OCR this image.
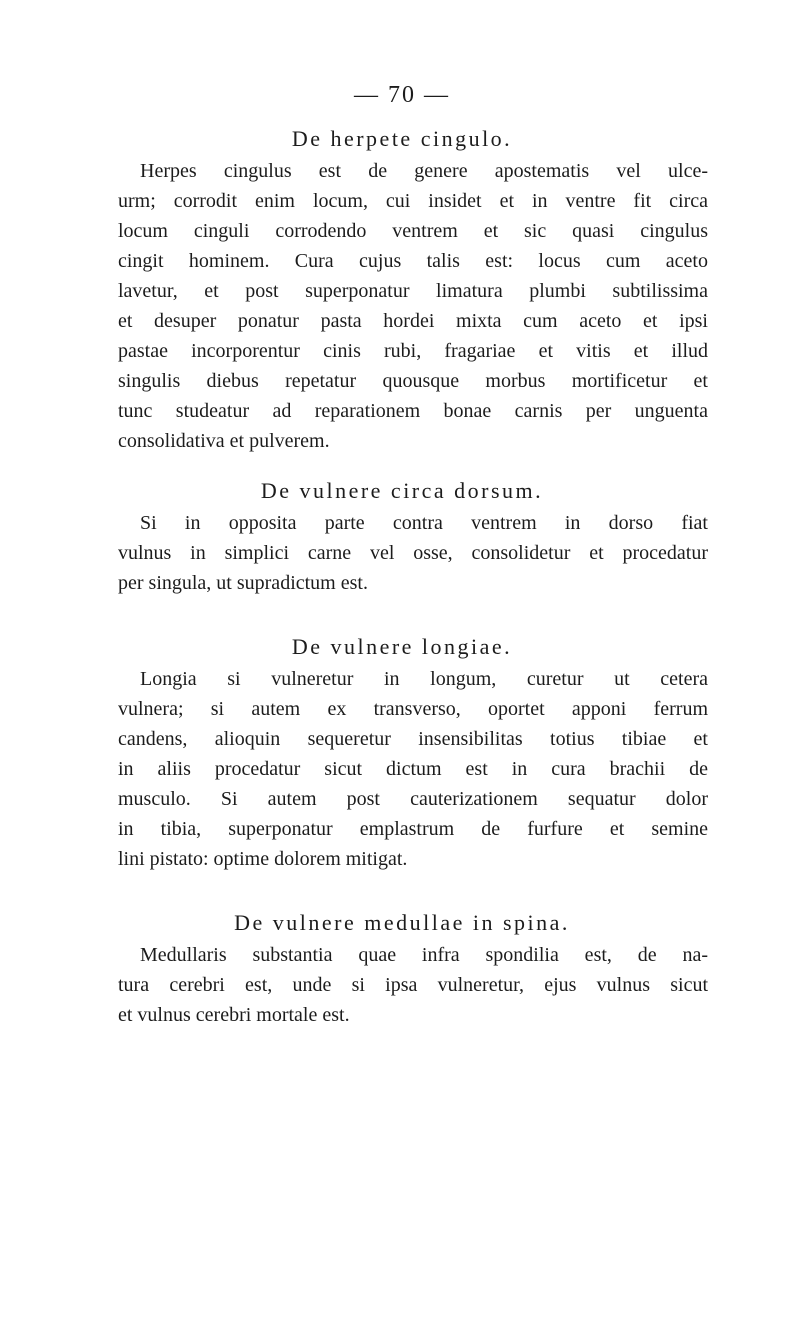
— 70 —
De herpete cingulo.
Herpes cingulus est de genere apostematis vel ulce-
urm; corrodit enim locum, cui insidet et in ventre fit circa
locum cinguli corrodendo ventrem et sic quasi cingulus
cingit hominem. Cura cujus talis est: locus cum aceto
lavetur, et post superponatur limatura plumbi subtilissima
et desuper ponatur pasta hordei mixta cum aceto et ipsi
pastae incorporentur cinis rubi, fragariae et vitis et illud
singulis diebus repetatur quousque morbus mortificetur et
tunc studeatur ad reparationem bonae carnis per unguenta
consolidativa et pulverem.
De vulnere circa dorsum.
Si in opposita parte contra ventrem in dorso fiat
vulnus in simplici carne vel osse, consolidetur et procedatur
per singula, ut supradictum est.
De vulnere longiae.
Longia si vulneretur in longum, curetur ut cetera
vulnera; si autem ex transverso, oportet apponi ferrum
candens, alioquin sequeretur insensibilitas totius tibiae et
in aliis procedatur sicut dictum est in cura brachii de
musculo. Si autem post cauterizationem sequatur dolor
in tibia, superponatur emplastrum de furfure et semine
lini pistato: optime dolorem mitigat.
De vulnere medullae in spina.
Medullaris substantia quae infra spondilia est, de na-
tura cerebri est, unde si ipsa vulneretur, ejus vulnus sicut
et vulnus cerebri mortale est.
